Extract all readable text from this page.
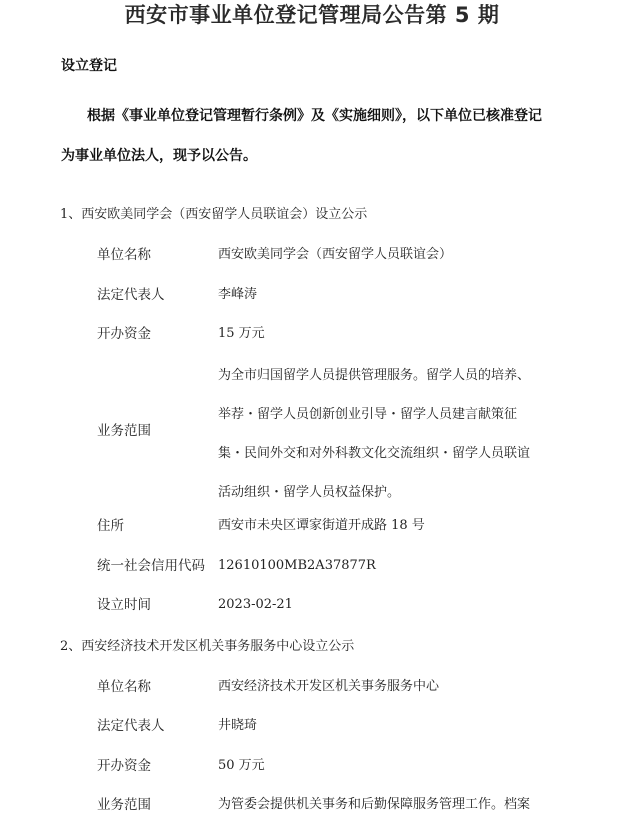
西安市事业单位登记管理局公告第 5 期
设立登记
根据《事业单位登记管理暂行条例》及《实施细则》，以下单位已核准登记
为事业单位法人，现予以公告。
1、西安欧美同学会（西安留学人员联谊会）设立公示
单位名称	西安欧美同学会（西安留学人员联谊会）
法定代表人	李峰涛
开办资金	15 万元
业务范围
为全市归国留学人员提供管理服务。留学人员的培养、
举荐・留学人员创新创业引导・留学人员建言献策征
集・民间外交和对外科教文化交流组织・留学人员联谊
活动组织・留学人员权益保护。
住所	西安市未央区谭家街道开成路 18 号
统一社会信用代码 12610100MB2A37877R
设立时间	2023-02-21
2、西安经济技术开发区机关事务服务中心设立公示
单位名称	西安经济技术开发区机关事务服务中心
法定代表人	井晓琦
开办资金	50 万元
业务范围	为管委会提供机关事务和后勤保障服务管理工作。档案
